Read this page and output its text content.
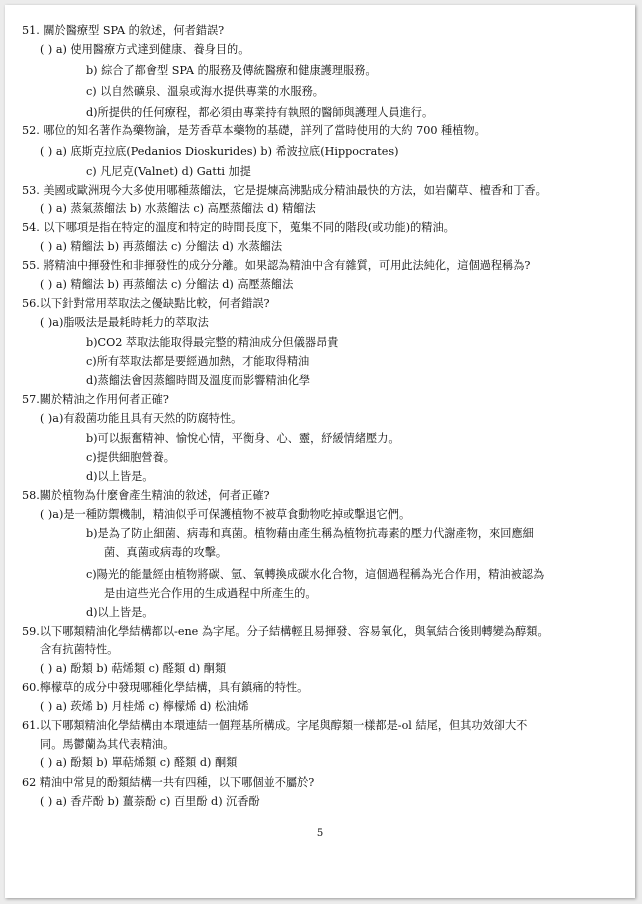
51. 關於醫療型 SPA 的敘述，何者錯誤?
( ) a) 使用醫療方式達到健康、養身目的。
b) 綜合了都會型 SPA 的服務及傳統醫療和健康護理服務。
c) 以自然礦泉、溫泉或海水提供專業的水服務。
d)所提供的任何療程，都必須由專業持有執照的醫師與護理人員進行。
52. 哪位的知名著作為藥物論，是芳香草本藥物的基礎，詳列了當時使用的大約 700 種植物。
( ) a) 底斯克拉底(Pedanios Dioskurides) b) 希波拉底(Hippocrates)
c) 凡尼克(Valnet) d) Gatti 加提
53. 美國或歐洲現今大多使用哪種蒸餾法，它是提煉高沸點成分精油最快的方法，如岩蘭草、檀香和丁香。
( ) a) 蒸氣蒸餾法 b) 水蒸餾法 c) 高壓蒸餾法 d) 精餾法
54. 以下哪項是指在特定的溫度和特定的時間長度下，蒐集不同的階段(或功能)的精油。
( ) a) 精餾法 b) 再蒸餾法 c) 分餾法 d) 水蒸餾法
55. 將精油中揮發性和非揮發性的成分分離。如果認為精油中含有雜質，可用此法純化，這個過程稱為?
( ) a) 精餾法 b) 再蒸餾法 c) 分餾法 d) 高壓蒸餾法
56.以下針對常用萃取法之優缺點比較，何者錯誤?
( )a)脂吸法是最耗時耗力的萃取法
b)CO2 萃取法能取得最完整的精油成分但儀器昂貴
c)所有萃取法都是要經過加熱，才能取得精油
d)蒸餾法會因蒸餾時間及溫度而影響精油化學
57.關於精油之作用何者正確?
( )a)有殺菌功能且具有天然的防腐特性。
b)可以振奮精神、愉悅心情，平衡身、心、靈，紓緩情緒壓力。
c)提供細胞營養。
d)以上皆是。
58.關於植物為什麼會產生精油的敘述，何者正確?
( )a)是一種防禦機制，精油似乎可保護植物不被草食動物吃掉或擊退它們。
b)是為了防止細菌、病毒和真菌。植物藉由產生稱為植物抗毒素的壓力代謝產物，來回應細
菌、真菌或病毒的攻擊。
c)陽光的能量經由植物將碳、氫、氧轉換成碳水化合物，這個過程稱為光合作用，精油被認為
是由這些光合作用的生成過程中所產生的。
d)以上皆是。
59.以下哪類精油化學結構都以-ene 為字尾。分子結構輕且易揮發、容易氧化，與氧結合後則轉變為醇類。
含有抗菌特性。
( ) a) 酚類 b) 萜烯類 c) 醛類 d) 酮類
60.檸檬草的成分中發現哪種化學結構，具有鎮痛的特性。
( ) a) 莰烯 b) 月桂烯 c) 檸檬烯 d) 松油烯
61.以下哪類精油化學結構由本環連結一個羥基所構成。字尾與醇類一樣都是-ol 結尾，但其功效卻大不
同。馬鬱蘭為其代表精油。
( ) a) 酚類 b) 單萜烯類 c) 醛類 d) 酮類
62 精油中常見的酚類結構一共有四種，以下哪個並不屬於?
( ) a) 香芹酚 b) 薑萘酚 c) 百里酚 d) 沉香酚
5
